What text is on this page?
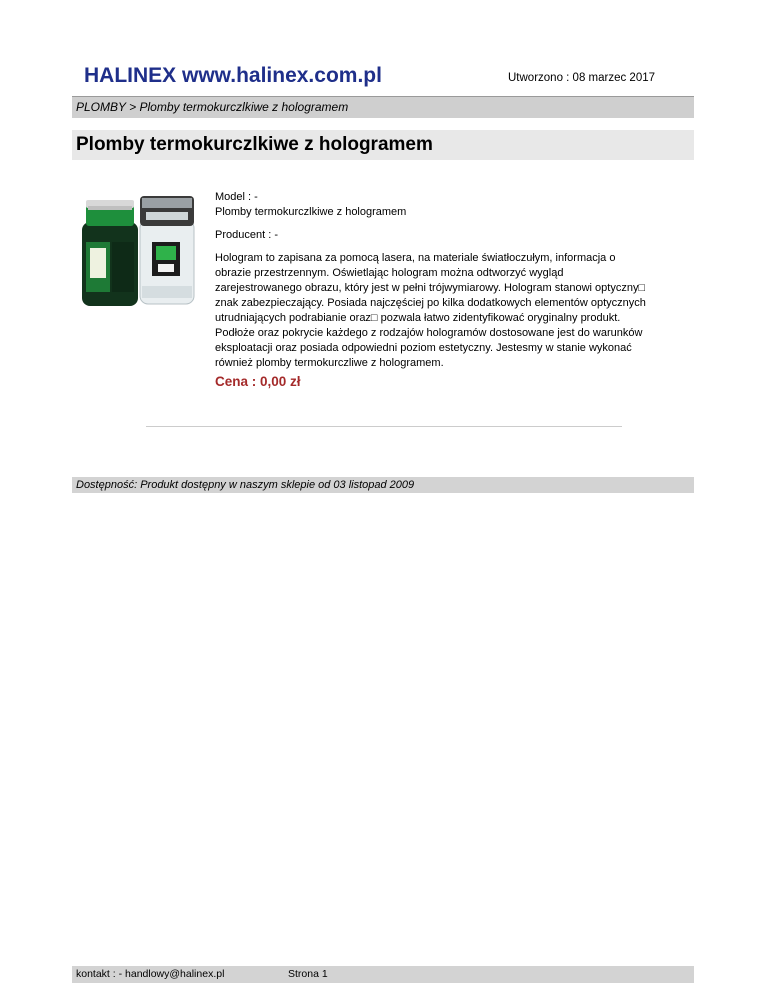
HALINEX www.halinex.com.pl	Utworzono : 08 marzec 2017
PLOMBY > Plomby termokurczlkiwe z hologramem
Plomby termokurczlkiwe z hologramem

Model : -

Plomby termokurczlkiwe z hologramem

Producent : -

Hologram to zapisana za pomocą lasera, na materiale światłoczułym, informacja o obrazie przestrzennym. Oświetlając hologram można odtworzyć wygląd zarejestrowanego obrazu, który jest w pełni trójwymiarowy. Hologram stanowi optyczny□ znak zabezpieczający. Posiada najczęściej po kilka dodatkowych elementów optycznych utrudniających podrabianie oraz□ pozwala łatwo zidentyfikować oryginalny produkt. Podłoże oraz pokrycie każdego z rodzajów hologramów dostosowane jest do warunków eksploatacji oraz posiada odpowiedni poziom estetyczny. Jestesmy w stanie wykonać również plomby termokurczliwe z hologramem.

Cena : 0,00 zł

Dostępność: Produkt dostępny w naszym sklepie od 03 listopad 2009
kontakt : - handlowy@halinex.pl	Strona 1
